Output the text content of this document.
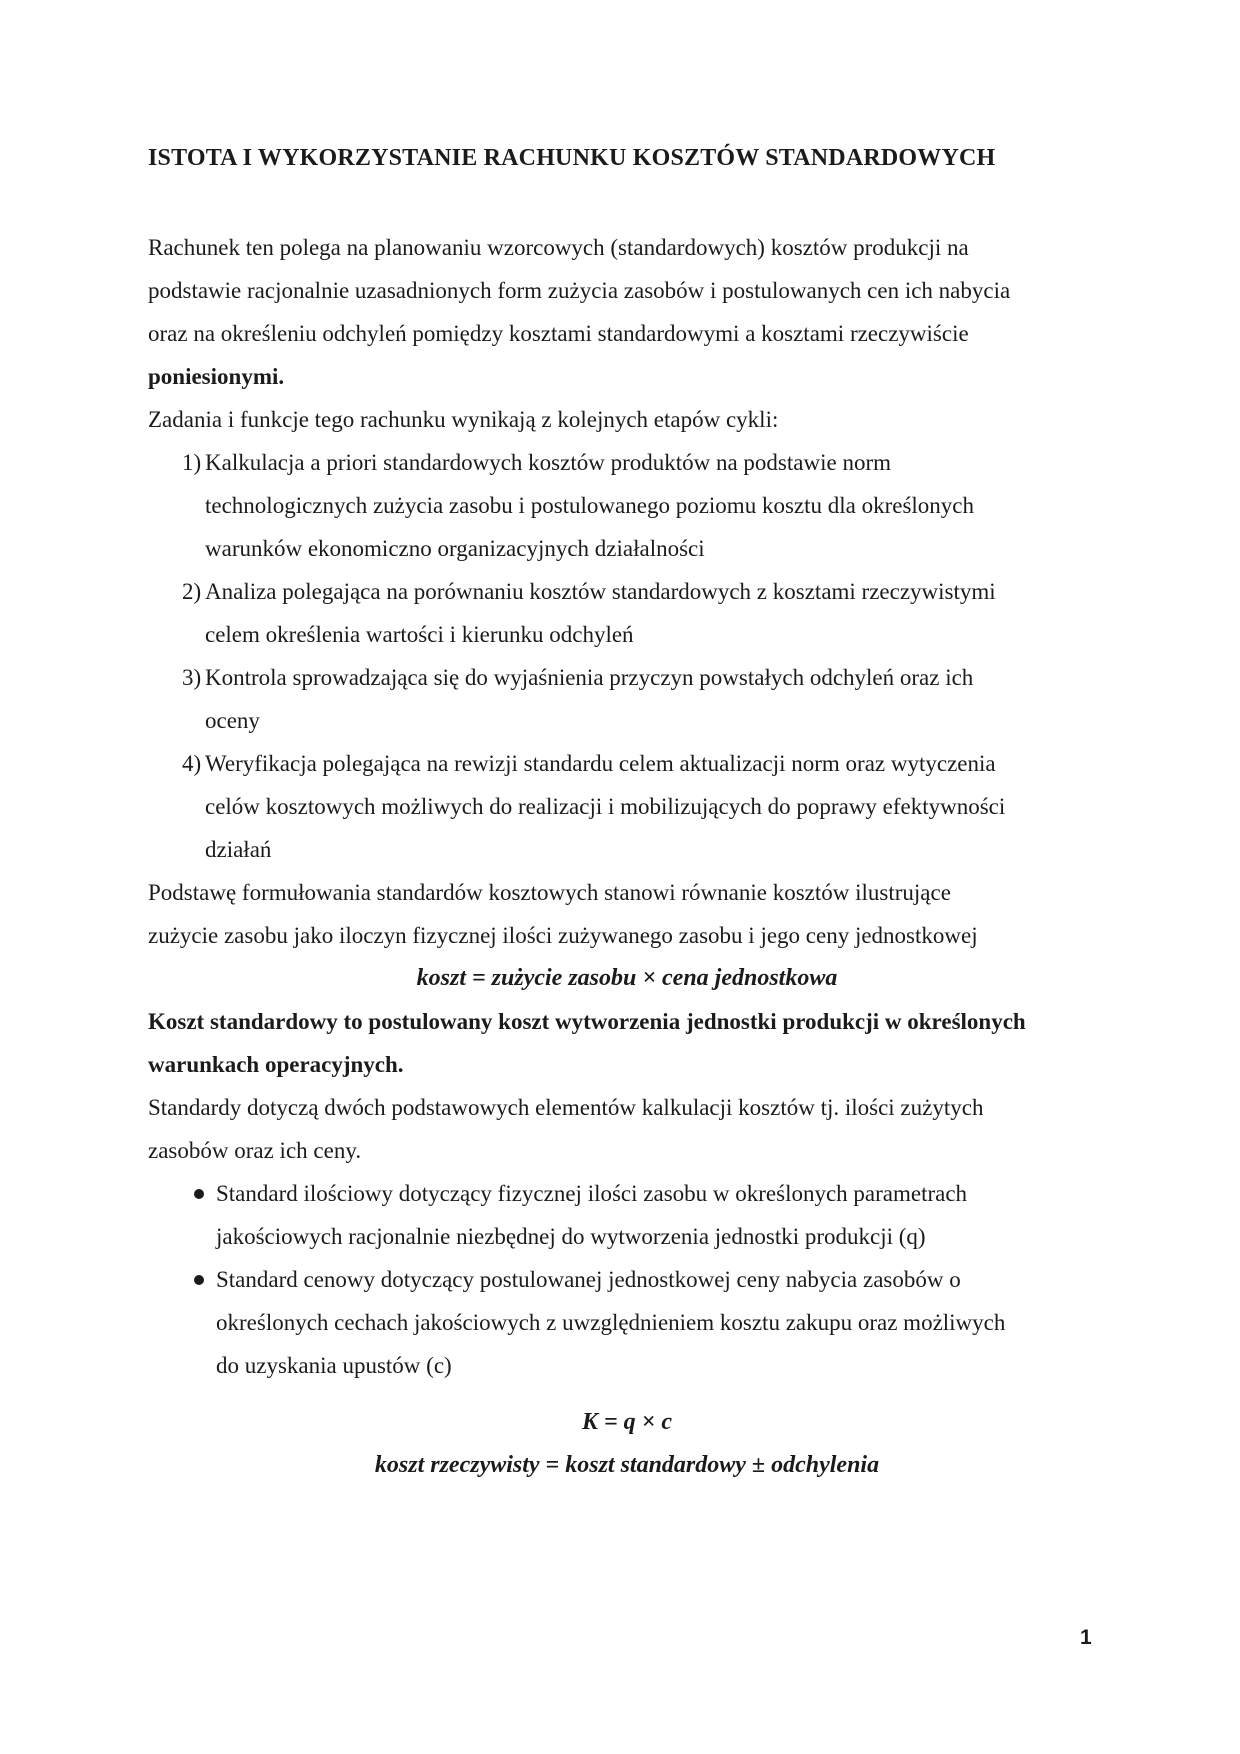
ISTOTA I WYKORZYSTANIE RACHUNKU KOSZTÓW STANDARDOWYCH

Rachunek ten polega na planowaniu wzorcowych (standardowych) kosztów produkcji na
podstawie racjonalnie uzasadnionych form zużycia zasobów i postulowanych cen ich nabycia
oraz na określeniu odchyleń pomiędzy kosztami standardowymi a kosztami rzeczywiście
poniesionymi.

Zadania i funkcje tego rachunku wynikają z kolejnych etapów cykli:

1) Kalkulacja a priori standardowych kosztów produktów na podstawie norm
technologicznych zużycia zasobu i postulowanego poziomu kosztu dla określonych
warunków ekonomiczno organizacyjnych działalności
2) Analiza polegająca na porównaniu kosztów standardowych z kosztami rzeczywistymi
celem określenia wartości i kierunku odchyleń
3) Kontrola sprowadzająca się do wyjaśnienia przyczyn powstałych odchyleń oraz ich
oceny
4) Weryfikacja polegająca na rewizji standardu celem aktualizacji norm oraz wytyczenia
celów kosztowych możliwych do realizacji i mobilizujących do poprawy efektywności
działań

Podstawę formułowania standardów kosztowych stanowi równanie kosztów ilustrujące
zużycie zasobu jako iloczyn fizycznej ilości zużywanego zasobu i jego ceny jednostkowej

koszt = zużycie zasobu × cena jednostkowa

Koszt standardowy to postulowany koszt wytworzenia jednostki produkcji w określonych
warunkach operacyjnych.

Standardy dotyczą dwóch podstawowych elementów kalkulacji kosztów tj. ilości zużytych
zasobów oraz ich ceny.

Standard ilościowy dotyczący fizycznej ilości zasobu w określonych parametrach
jakościowych racjonalnie niezbędnej do wytworzenia jednostki produkcji (q)
Standard cenowy dotyczący postulowanej jednostkowej ceny nabycia zasobów o
określonych cechach jakościowych z uwzględnieniem kosztu zakupu oraz możliwych
do uzyskania upustów (c)
K = q × c
koszt rzeczywisty = koszt standardowy ± odchylenia
1
